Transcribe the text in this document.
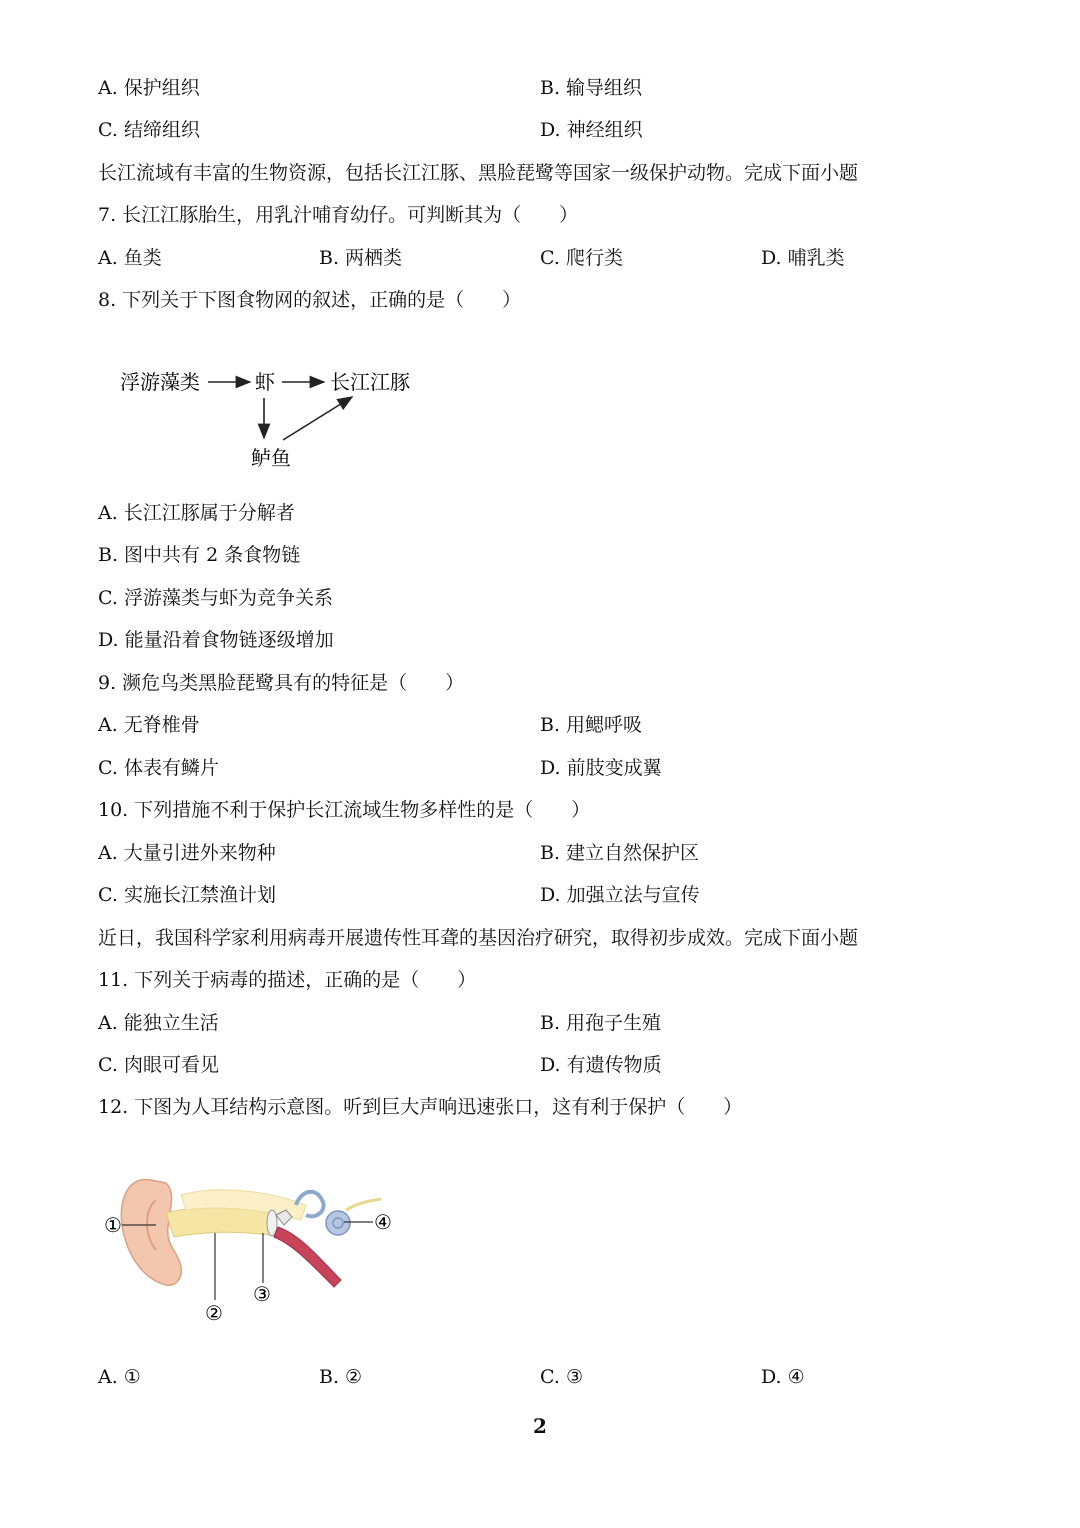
A. 保护组织	B. 输导组织
C. 结缔组织	D. 神经组织
长江流域有丰富的生物资源，包括长江江豚、黑脸琵鹭等国家一级保护动物。完成下面小题
7. 长江江豚胎生，用乳汁哺育幼仔。可判断其为（　　）
A. 鱼类	B. 两栖类	C. 爬行类	D. 哺乳类
8. 下列关于下图食物网的叙述，正确的是（　　）
浮游藻类	虾	长江江豚
鲈鱼
A. 长江江豚属于分解者
B. 图中共有 2 条食物链
C. 浮游藻类与虾为竞争关系
D. 能量沿着食物链逐级增加
9. 濒危鸟类黑脸琵鹭具有的特征是（　　）
A. 无脊椎骨	B. 用鳃呼吸
C. 体表有鳞片	D. 前肢变成翼
10. 下列措施不利于保护长江流域生物多样性的是（　　）
A. 大量引进外来物种	B. 建立自然保护区
C. 实施长江禁渔计划	D. 加强立法与宣传
近日，我国科学家利用病毒开展遗传性耳聋的基因治疗研究，取得初步成效。完成下面小题
11. 下列关于病毒的描述，正确的是（　　）
A. 能独立生活	B. 用孢子生殖
C. 肉眼可看见	D. 有遗传物质
12. 下图为人耳结构示意图。听到巨大声响迅速张口，这有利于保护（　　）
①
②
③
④
A. ①	B. ②	C. ③	D. ④
2
